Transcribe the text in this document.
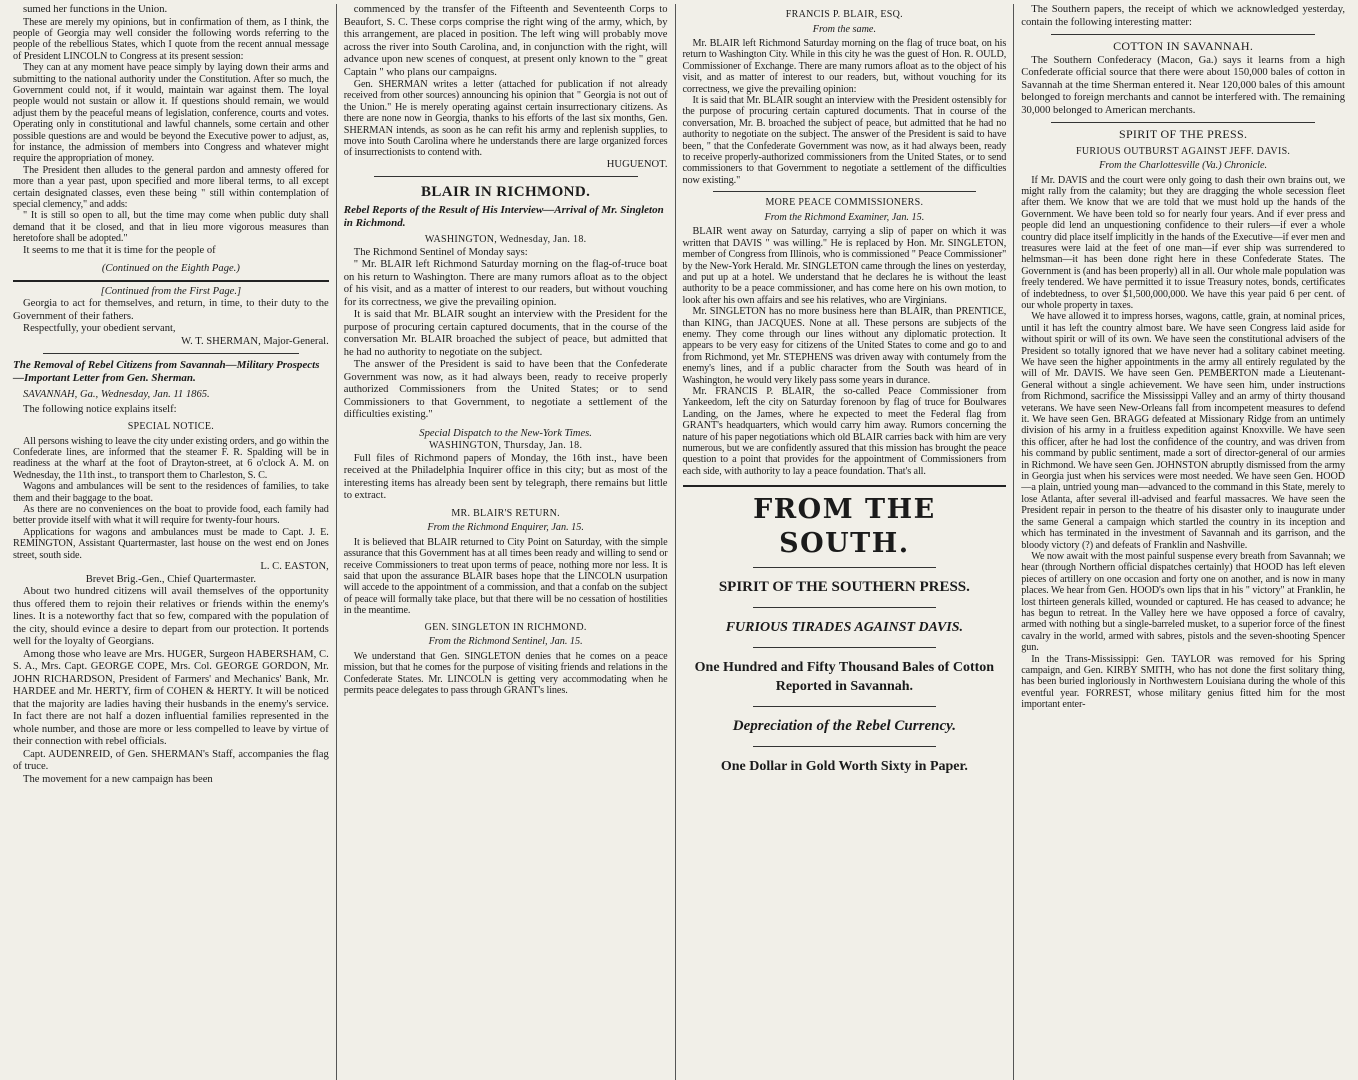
sumed her functions in the Union.

These are merely my opinions, but in confirmation of them, as I think, the people of Georgia may well consider the following words referring to the people of the rebellious States, which I quote from the recent annual message of President LINCOLN to Congress at its present session:

They can at any moment have peace simply by laying down their arms and submitting to the national authority under the Constitution. After so much, the Government could not, if it would, maintain war against them. The loyal people would not sustain or allow it. If questions should remain, we would adjust them by the peaceful means of legislation, conference, courts and votes. Operating only in constitutional and lawful channels, some certain and other possible questions are and would be beyond the Executive power to adjust, as, for instance, the admission of members into Congress and whatever might require the appropriation of money.

The President then alludes to the general pardon and amnesty offered for more than a year past, upon specified and more liberal terms, to all except certain designated classes, even these being " still within contemplation of special clemency," and adds:

" It is still so open to all, but the time may come when public duty shall demand that it be closed, and that in lieu more vigorous measures than heretofore shall be adopted."

It seems to me that it is time for the people of

(Continued on the Eighth Page.)

[Continued from the First Page.]

Georgia to act for themselves, and return, in time, to their duty to the Government of their fathers.

Respectfully, your obedient servant,

W. T. SHERMAN, Major-General.

The Removal of Rebel Citizens from Savannah—Military Prospects—Important Letter from Gen. Sherman.

SAVANNAH, Ga., Wednesday, Jan. 11 1865.

The following notice explains itself:

SPECIAL NOTICE.

All persons wishing to leave the city under existing orders, and go within the Confederate lines, are informed that the steamer F. R. Spalding will be in readiness at the wharf at the foot of Drayton-street, at 6 o'clock A. M. on Wednesday, the 11th inst., to transport them to Charleston, S. C.

Wagons and ambulances will be sent to the residences of families, to take them and their baggage to the boat.

As there are no conveniences on the boat to provide food, each family had better provide itself with what it will require for twenty-four hours.

Applications for wagons and ambulances must be made to Capt. J. E. REMINGTON, Assistant Quartermaster, last house on the west end on Jones street, south side.

L. C. EASTON,

Brevet Brig.-Gen., Chief Quartermaster.

About two hundred citizens will avail themselves of the opportunity thus offered them to rejoin their relatives or friends within the enemy's lines. It is a noteworthy fact that so few, compared with the population of the city, should evince a desire to depart from our protection. It portends well for the loyalty of Georgians.

Among those who leave are Mrs. HUGER, Surgeon HABERSHAM, C. S. A., Mrs. Capt. GEORGE COPE, Mrs. Col. GEORGE GORDON, Mr. JOHN RICHARDSON, President of Farmers' and Mechanics' Bank, Mr. HARDEE and Mr. HERTY, firm of COHEN & HERTY. It will be noticed that the majority are ladies having their husbands in the enemy's service. In fact there are not half a dozen influential families represented in the whole number, and those are more or less compelled to leave by virtue of their connection with rebel officials.

Capt. AUDENREID, of Gen. SHERMAN's Staff, accompanies the flag of truce.

The movement for a new campaign has been

commenced by the transfer of the Fifteenth and Seventeenth Corps to Beaufort, S. C. These corps comprise the right wing of the army, which, by this arrangement, are placed in position. The left wing will probably move across the river into South Carolina, and, in conjunction with the right, will advance upon new scenes of conquest, at present only known to the " great Captain " who plans our campaigns.

Gen. SHERMAN writes a letter (attached for publication if not already received from other sources) announcing his opinion that " Georgia is not out of the Union." He is merely operating against certain insurrectionary citizens. As there are none now in Georgia, thanks to his efforts of the last six months, Gen. SHERMAN intends, as soon as he can refit his army and replenish supplies, to move into South Carolina where he understands there are large organized forces of insurrectionists to contend with.

HUGUENOT.

BLAIR IN RICHMOND.

Rebel Reports of the Result of His Interview—Arrival of Mr. Singleton in Richmond.

WASHINGTON, Wednesday, Jan. 18.

The Richmond Sentinel of Monday says:

" Mr. BLAIR left Richmond Saturday morning on the flag-of-truce boat on his return to Washington. There are many rumors afloat as to the object of his visit, and as a matter of interest to our readers, but without vouching for its correctness, we give the prevailing opinion.

It is said that Mr. BLAIR sought an interview with the President for the purpose of procuring certain captured documents, that in the course of the conversation Mr. BLAIR broached the subject of peace, but admitted that he had no authority to negotiate on the subject.

The answer of the President is said to have been that the Confederate Government was now, as it had always been, ready to receive properly authorized Commissioners from the United States; or to send Commissioners to that Government, to negotiate a settlement of the difficulties existing."

Special Dispatch to the New-York Times.

WASHINGTON, Thursday, Jan. 18.

Full files of Richmond papers of Monday, the 16th inst., have been received at the Philadelphia Inquirer office in this city; but as most of the interesting items has already been sent by telegraph, there remains but little to extract.

MR. BLAIR'S RETURN.

From the Richmond Enquirer, Jan. 15.

It is believed that BLAIR returned to City Point on Saturday, with the simple assurance that this Government has at all times been ready and willing to send or receive Commissioners to treat upon terms of peace, nothing more nor less. It is said that upon the assurance BLAIR bases hope that the LINCOLN usurpation will accede to the appointment of a commission, and that a confab on the subject of peace will formally take place, but that there will be no cessation of hostilities in the meantime.

GEN. SINGLETON IN RICHMOND.

From the Richmond Sentinel, Jan. 15.

We understand that Gen. SINGLETON denies that he comes on a peace mission, but that he comes for the purpose of visiting friends and relations in the Confederate States. Mr. LINCOLN is getting very accommodating when he permits peace delegates to pass through GRANT's lines.

FRANCIS P. BLAIR, ESQ.

From the same.

Mr. BLAIR left Richmond Saturday morning on the flag of truce boat, on his return to Washington City. While in this city he was the guest of Hon. R. OULD, Commissioner of Exchange. There are many rumors afloat as to the object of his visit, and as matter of interest to our readers, but, without vouching for its correctness, we give the prevailing opinion:

It is said that Mr. BLAIR sought an interview with the President ostensibly for the purpose of procuring certain captured documents. That in course of the conversation, Mr. B. broached the subject of peace, but admitted that he had no authority to negotiate on the subject. The answer of the President is said to have been, " that the Confederate Government was now, as it had always been, ready to receive properly-authorized commissioners from the United States, or to send commissioners to that Government to negotiate a settlement of the difficulties now existing."

MORE PEACE COMMISSIONERS.

From the Richmond Examiner, Jan. 15.

BLAIR went away on Saturday, carrying a slip of paper on which it was written that DAVIS " was willing." He is replaced by Hon. Mr. SINGLETON, member of Congress from Illinois, who is commissioned " Peace Commissioner" by the New-York Herald. Mr. SINGLETON came through the lines on yesterday, and put up at a hotel. We understand that he declares he is without the least authority to be a peace commissioner, and has come here on his own motion, to look after his own affairs and see his relatives, who are Virginians.

Mr. SINGLETON has no more business here than BLAIR, than PRENTICE, than KING, than JACQUES. None at all. These persons are subjects of the enemy. They come through our lines without any diplomatic protection. It appears to be very easy for citizens of the United States to come and go to and from Richmond, yet Mr. STEPHENS was driven away with contumely from the enemy's lines, and if a public character from the South was heard of in Washington, he would very likely pass some years in durance.

Mr. FRANCIS P. BLAIR, the so-called Peace Commissioner from Yankeedom, left the city on Saturday forenoon by flag of truce for Boulwares Landing, on the James, where he expected to meet the Federal flag from GRANT's headquarters, which would carry him away. Rumors concerning the nature of his paper negotiations which old BLAIR carries back with him are very numerous, but we are confidently assured that this mission has brought the peace question to a point that provides for the appointment of Commissioners from each side, with authority to lay a peace foundation. That's all.

FROM THE SOUTH.
SPIRIT OF THE SOUTHERN PRESS.
FURIOUS TIRADES AGAINST DAVIS.
One Hundred and Fifty Thousand Bales of Cotton Reported in Savannah.
Depreciation of the Rebel Currency.
One Dollar in Gold Worth Sixty in Paper.

The Southern papers, the receipt of which we acknowledged yesterday, contain the following interesting matter:

COTTON IN SAVANNAH.

The Southern Confederacy (Macon, Ga.) says it learns from a high Confederate official source that there were about 150,000 bales of cotton in Savannah at the time Sherman entered it. Near 120,000 bales of this amount belonged to foreign merchants and cannot be interfered with. The remaining 30,000 belonged to American merchants.

SPIRIT OF THE PRESS.

FURIOUS OUTBURST AGAINST JEFF. DAVIS.

From the Charlottesville (Va.) Chronicle.

If Mr. DAVIS and the court were only going to dash their own brains out, we might rally from the calamity; but they are dragging the whole secession fleet after them. We know that we are told that we must hold up the hands of the Government. We have been told so for nearly four years. And if ever press and people did lend an unquestioning confidence to their rulers—if ever a whole country did place itself implicitly in the hands of the Executive—if ever men and treasures were laid at the feet of one man—if ever ship was surrendered to helmsman—it has been done right here in these Confederate States. The Government is (and has been properly) all in all. Our whole male population was freely tendered. We have permitted it to issue Treasury notes, bonds, certificates of indebtedness, to over $1,500,000,000. We have this year paid 6 per cent. of our whole property in taxes.

We have allowed it to impress horses, wagons, cattle, grain, at nominal prices, until it has left the country almost bare. We have seen Congress laid aside for without spirit or will of its own. We have seen the constitutional advisers of the President so totally ignored that we have never had a solitary cabinet meeting. We have seen the higher appointments in the army all entirely regulated by the will of Mr. DAVIS. We have seen Gen. PEMBERTON made a Lieutenant-General without a single achievement. We have seen him, under instructions from Richmond, sacrifice the Mississippi Valley and an army of thirty thousand veterans. We have seen New-Orleans fall from incompetent measures to defend it. We have seen Gen. BRAGG defeated at Missionary Ridge from an untimely division of his army in a fruitless expedition against Knoxville. We have seen this officer, after he had lost the confidence of the country, and was driven from his command by public sentiment, made a sort of director-general of our armies in Richmond. We have seen Gen. JOHNSTON abruptly dismissed from the army in Georgia just when his services were most needed. We have seen Gen. HOOD—a plain, untried young man—advanced to the command in this State, merely to lose Atlanta, after several ill-advised and fearful massacres. We have seen the President repair in person to the theatre of his disaster only to inaugurate under the same General a campaign which startled the country in its inception and which has terminated in the investment of Savannah and its garrison, and the bloody victory (?) and defeats of Franklin and Nashville.

We now await with the most painful suspense every breath from Savannah; we hear (through Northern official dispatches certainly) that HOOD has left eleven pieces of artillery on one occasion and forty one on another, and is now in many places. We hear from Gen. HOOD's own lips that in his " victory" at Franklin, he lost thirteen generals killed, wounded or captured. He has ceased to advance; he has begun to retreat. In the Valley here we have opposed a force of cavalry, armed with nothing but a single-barreled musket, to a superior force of the finest cavalry in the world, armed with sabres, pistols and the seven-shooting Spencer gun.

In the Trans-Mississippi: Gen. TAYLOR was removed for his Spring campaign, and Gen. KIRBY SMITH, who has not done the first solitary thing, has been buried ingloriously in Northwestern Louisiana during the whole of this eventful year. FORREST, whose military genius fitted him for the most important enter-
